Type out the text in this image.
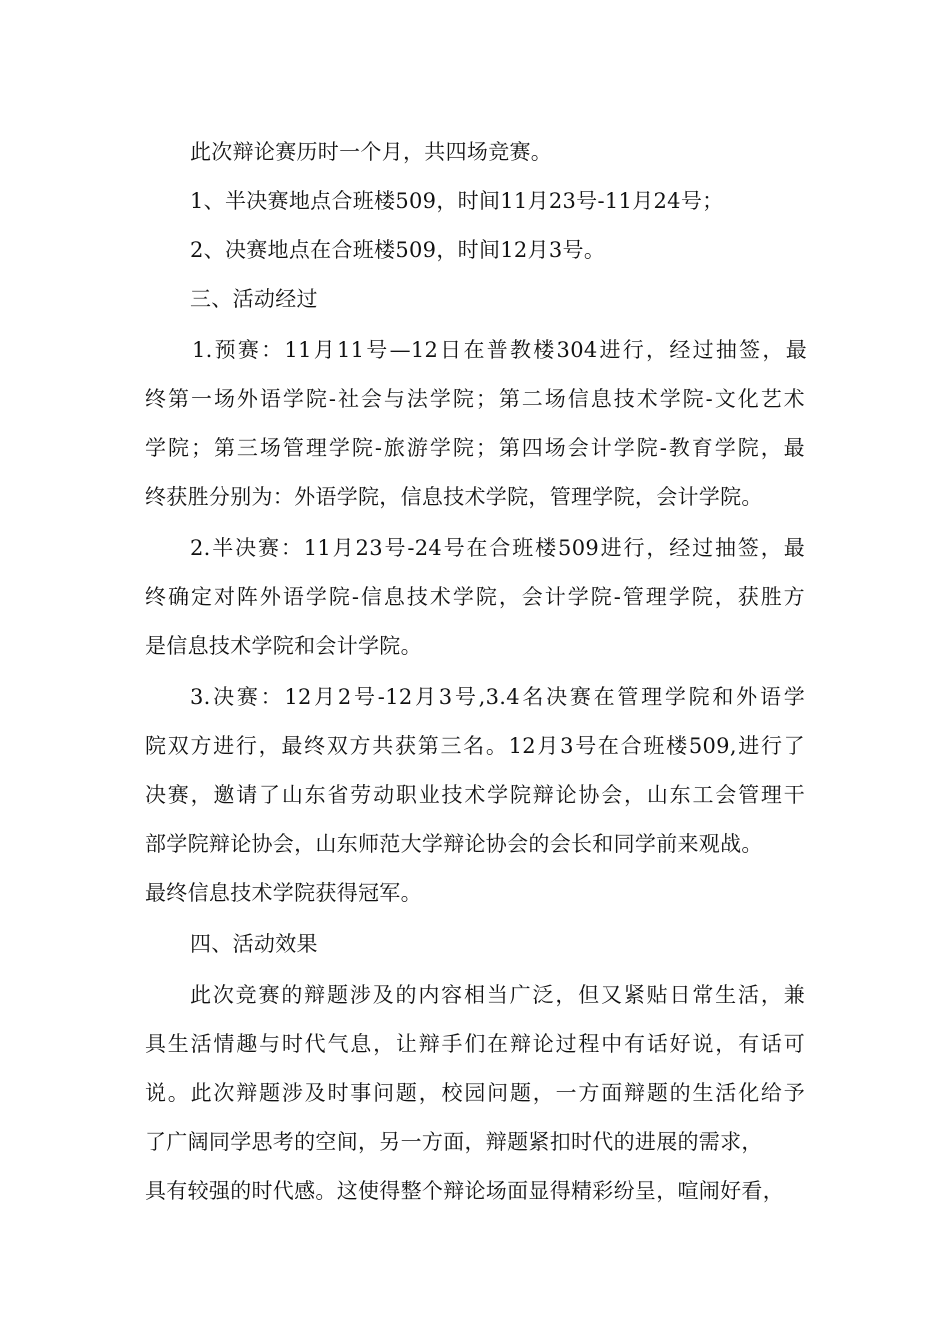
此次辩论赛历时一个月，共四场竞赛。
1、半决赛地点合班楼509，时间11月23号-11月24号；
2、决赛地点在合班楼509，时间12月3号。
三、活动经过
1.预赛：11月11号—12日在普教楼304进行，经过抽签，最
终第一场外语学院-社会与法学院；第二场信息技术学院-文化艺术
学院；第三场管理学院-旅游学院；第四场会计学院-教育学院，最
终获胜分别为：外语学院，信息技术学院，管理学院，会计学院。
2.半决赛：11月23号-24号在合班楼509进行，经过抽签，最
终确定对阵外语学院-信息技术学院，会计学院-管理学院，获胜方
是信息技术学院和会计学院。
3.决赛：12月2号-12月3号,3.4名决赛在管理学院和外语学
院双方进行，最终双方共获第三名。12月3号在合班楼509,进行了
决赛，邀请了山东省劳动职业技术学院辩论协会，山东工会管理干
部学院辩论协会，山东师范大学辩论协会的会长和同学前来观战。
最终信息技术学院获得冠军。
四、活动效果
此次竞赛的辩题涉及的内容相当广泛，但又紧贴日常生活，兼
具生活情趣与时代气息，让辩手们在辩论过程中有话好说，有话可
说。此次辩题涉及时事问题，校园问题，一方面辩题的生活化给予
了广阔同学思考的空间，另一方面，辩题紧扣时代的进展的需求，
具有较强的时代感。这使得整个辩论场面显得精彩纷呈，喧闹好看，
